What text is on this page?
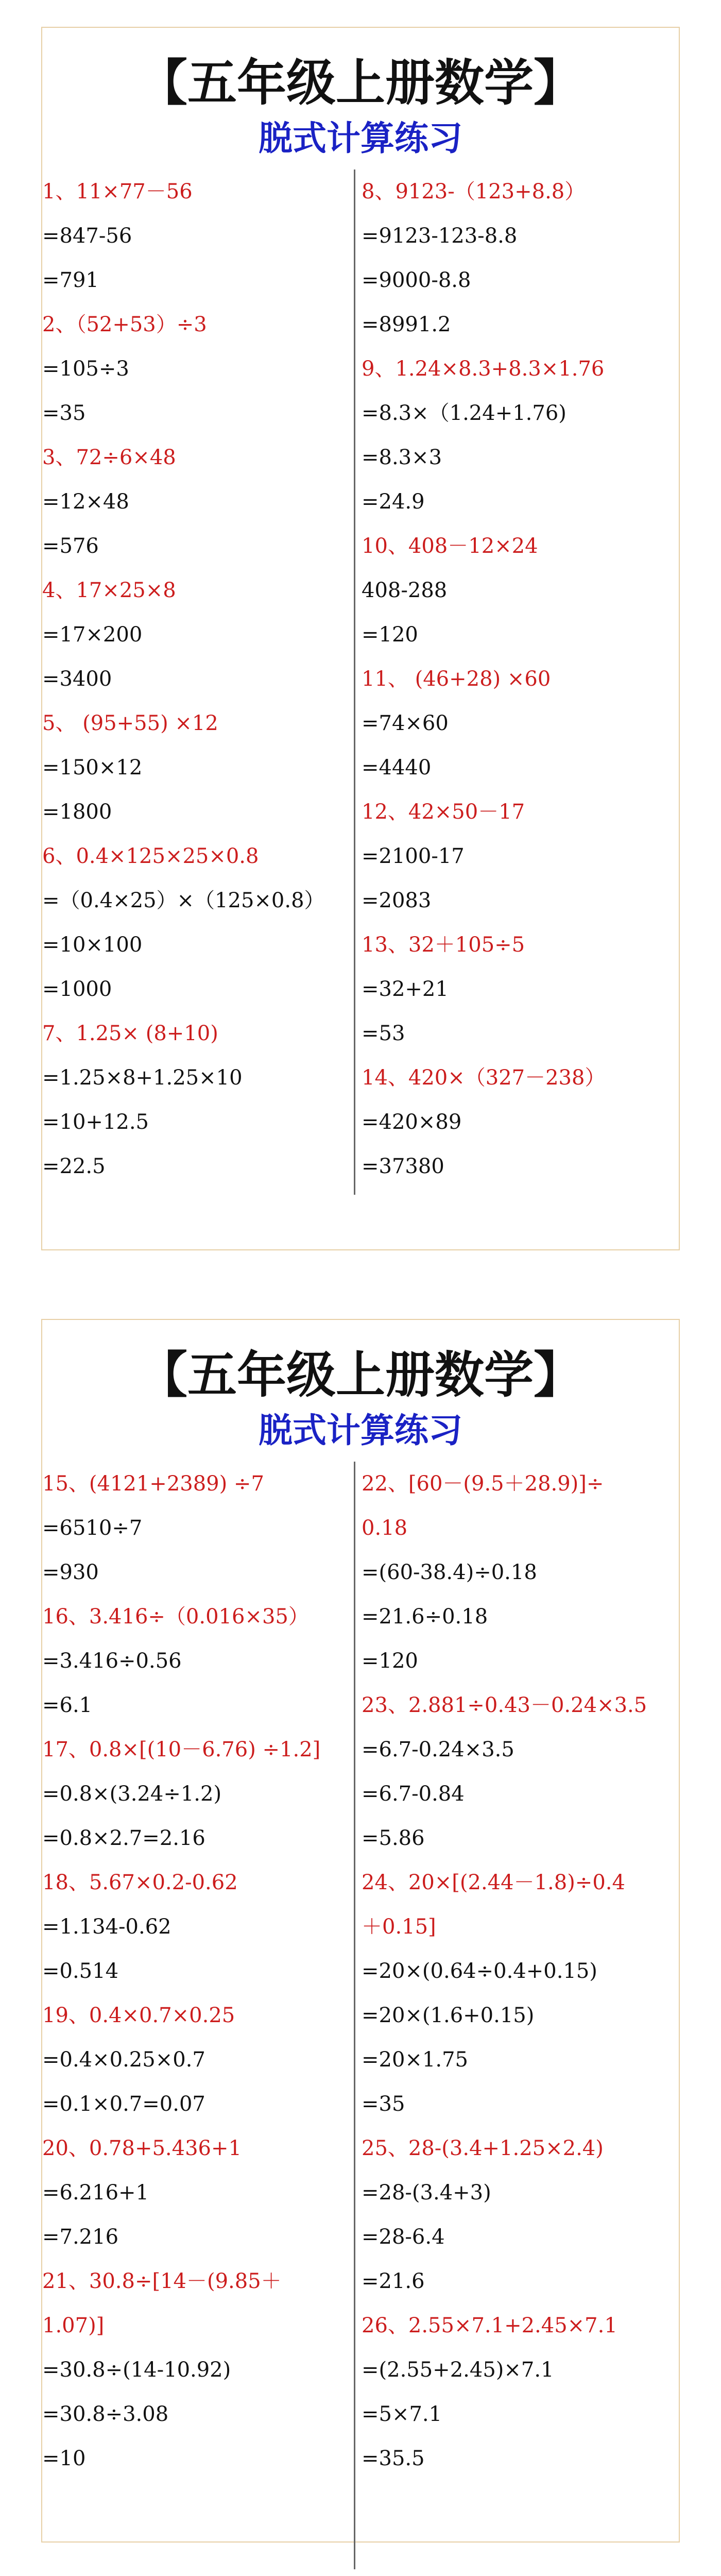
【五年级上册数学】
脱式计算练习
1、11×77－56
=847-56
=791
2、（52+53）÷3
=105÷3
=35
3、72÷6×48
=12×48
=576
4、17×25×8
=17×200
=3400
5、 (95+55) ×12
=150×12
=1800
6、0.4×125×25×0.8
=（0.4×25）×（125×0.8）
=10×100
=1000
7、1.25× (8+10)
=1.25×8+1.25×10
=10+12.5
=22.5
8、9123-（123+8.8）
=9123-123-8.8
=9000-8.8
=8991.2
9、1.24×8.3+8.3×1.76
=8.3×（1.24+1.76)
=8.3×3
=24.9
10、408－12×24
408-288
=120
11、 (46+28) ×60
=74×60
=4440
12、42×50－17
=2100-17
=2083
13、32＋105÷5
=32+21
=53
14、420×（327－238）
=420×89
=37380
【五年级上册数学】
脱式计算练习
15、(4121+2389) ÷7
=6510÷7
=930
16、3.416÷（0.016×35）
=3.416÷0.56
=6.1
17、0.8×[(10－6.76) ÷1.2]
=0.8×(3.24÷1.2)
=0.8×2.7=2.16
18、5.67×0.2-0.62
=1.134-0.62
=0.514
19、0.4×0.7×0.25
=0.4×0.25×0.7
=0.1×0.7=0.07
20、0.78+5.436+1
=6.216+1
=7.216
21、30.8÷[14－(9.85＋
1.07)]
=30.8÷(14-10.92)
=30.8÷3.08
=10
22、[60－(9.5＋28.9)]÷
0.18
=(60-38.4)÷0.18
=21.6÷0.18
=120
23、2.881÷0.43－0.24×3.5
=6.7-0.24×3.5
=6.7-0.84
=5.86
24、20×[(2.44－1.8)÷0.4
＋0.15]
=20×(0.64÷0.4+0.15)
=20×(1.6+0.15)
=20×1.75
=35
25、28-(3.4+1.25×2.4)
=28-(3.4+3)
=28-6.4
=21.6
26、2.55×7.1+2.45×7.1
=(2.55+2.45)×7.1
=5×7.1
=35.5
